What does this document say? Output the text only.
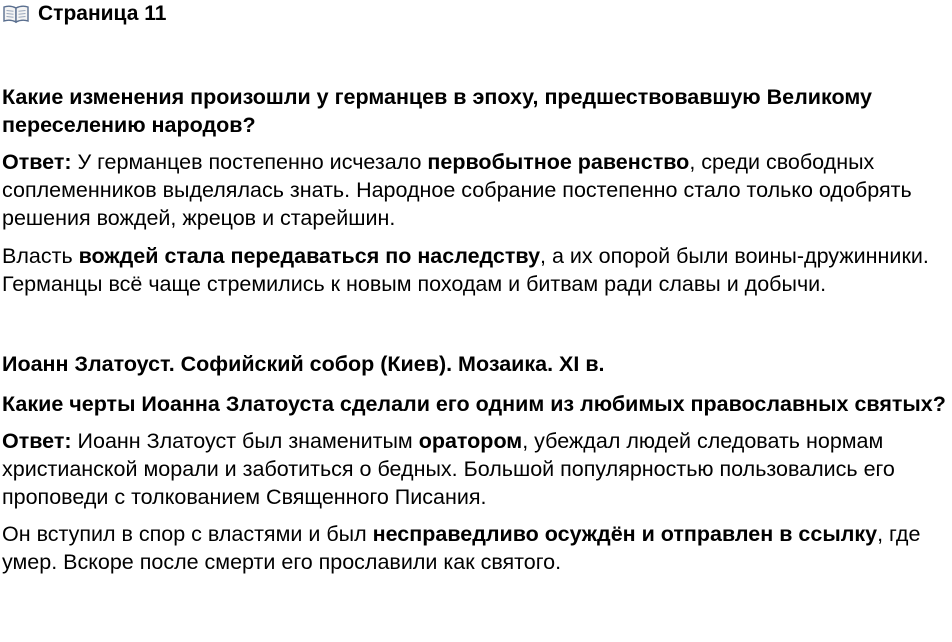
Страница 11

Какие изменения произошли у германцев в эпоху, предшествовавшую Великому переселению народов?

Ответ: У германцев постепенно исчезало первобытное равенство, среди свободных соплеменников выделялась знать. Народное собрание постепенно стало только одобрять решения вождей, жрецов и старейшин.

Власть вождей стала передаваться по наследству, а их опорой были воины-дружинники. Германцы всё чаще стремились к новым походам и битвам ради славы и добычи.

Иоанн Златоуст. Софийский собор (Киев). Мозаика. XI в.

Какие черты Иоанна Златоуста сделали его одним из любимых православных святых?

Ответ: Иоанн Златоуст был знаменитым оратором, убеждал людей следовать нормам христианской морали и заботиться о бедных. Большой популярностью пользовались его проповеди с толкованием Священного Писания.

Он вступил в спор с властями и был несправедливо осуждён и отправлен в ссылку, где умер. Вскоре после смерти его прославили как святого.
